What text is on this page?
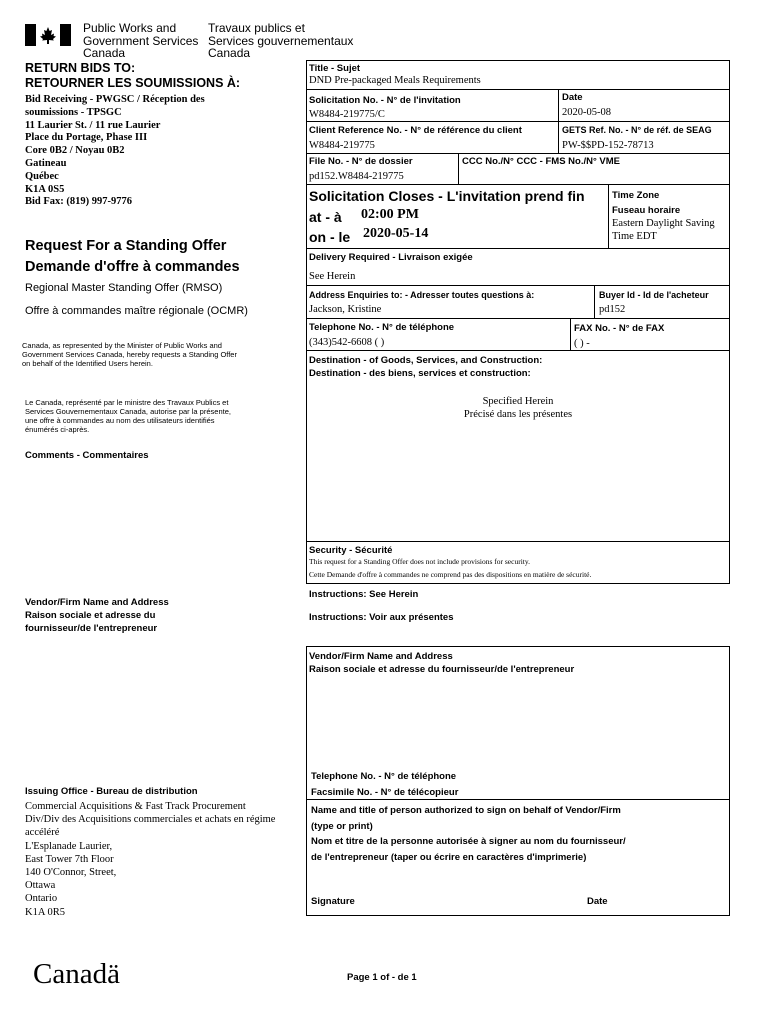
Public Works and
Government Services
Canada
Travaux publics et
Services gouvernementaux
Canada
RETURN BIDS TO:
RETOURNER LES SOUMISSIONS À:
Bid Receiving - PWGSC / Réception des
soumissions - TPSGC
11 Laurier St. / 11 rue Laurier
Place du Portage, Phase III
Core 0B2 / Noyau 0B2
Gatineau
Québec
K1A 0S5
Bid Fax: (819) 997-9776
Request For a Standing Offer
Demande d'offre à commandes
Regional Master Standing Offer (RMSO)
Offre à commandes maître régionale (OCMR)
Canada, as represented by the Minister of Public Works and
Government Services Canada, hereby requests a Standing Offer
on behalf of the Identified Users herein.
Le Canada, représenté par le ministre des Travaux Publics et
Services Gouvernementaux Canada, autorise par la présente,
une offre à commandes au nom des utilisateurs identifiés
énumérés ci-après.
Comments - Commentaires
Vendor/Firm Name and Address
Raison sociale et adresse du
fournisseur/de l'entrepreneur
Issuing Office - Bureau de distribution
Commercial Acquisitions & Fast Track Procurement
Div/Div des Acquisitions commerciales et achats en régime
accéléré
L'Esplanade Laurier,
East Tower 7th Floor
140 O'Connor, Street,
Ottawa
Ontario
K1A 0R5
Title - Sujet
DND Pre-packaged Meals Requirements
Solicitation No. - N° de l'invitation
W8484-219775/C
Date
2020-05-08
Client Reference No. - N° de référence du client
W8484-219775
GETS Ref. No. - N° de réf. de SEAG
PW-$$PD-152-78713
File No. - N° de dossier
pd152.W8484-219775
CCC No./N° CCC - FMS No./N° VME
Solicitation Closes - L'invitation prend fin
at - à 02:00 PM
on - le 2020-05-14
Time Zone
Fuseau horaire
Eastern Daylight Saving
Time EDT
Delivery Required - Livraison exigée
See Herein
Address Enquiries to: - Adresser toutes questions à:
Jackson, Kristine
Buyer Id - Id de l'acheteur
pd152
Telephone No. - N° de téléphone
(343)542-6608 ( )
FAX No. - N° de FAX
( ) -
Destination - of Goods, Services, and Construction:
Destination - des biens, services et construction:
Specified Herein
Précisé dans les présentes
Security - Sécurité
This request for a Standing Offer does not include provisions for security.
Cette Demande d'offre à commandes ne comprend pas des dispositions en matière de sécurité.
Instructions: See Herein
Instructions: Voir aux présentes
Vendor/Firm Name and Address
Raison sociale et adresse du fournisseur/de l'entrepreneur
Telephone No. - N° de téléphone
Facsimile No. - N° de télécopieur
Name and title of person authorized to sign on behalf of Vendor/Firm
(type or print)
Nom et titre de la personne autorisée à signer au nom du fournisseur/
de l'entrepreneur (taper ou écrire en caractères d'imprimerie)
Signature	Date
Canadä	Page 1 of - de 1
